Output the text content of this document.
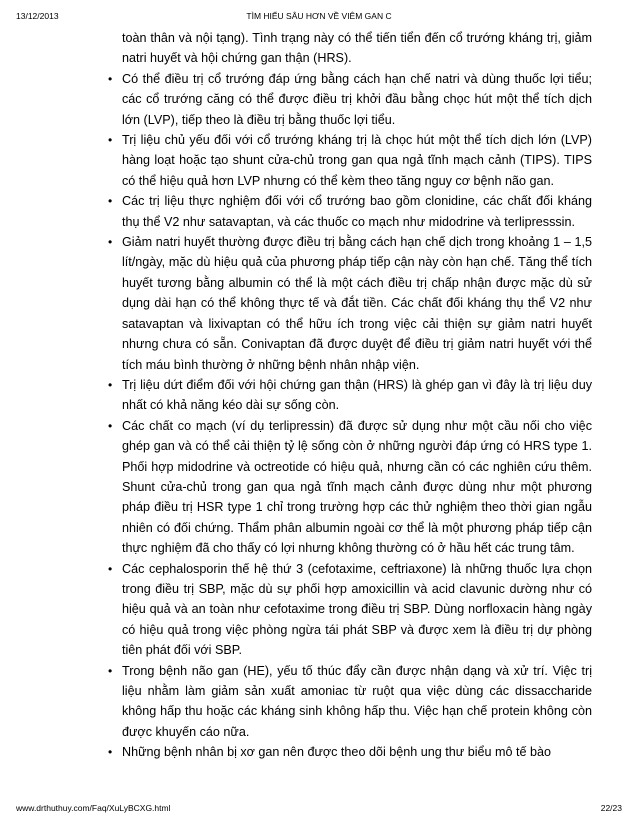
13/12/2013	TÌM HIỂU SÂU HƠN VỀ VIÊM GAN C

toàn thân và nội tạng). Tình trạng này có thể tiến tiển đến cổ trướng kháng trị, giảm natri huyết và hội chứng gan thận (HRS).

• Có thể điều trị cổ trướng đáp ứng bằng cách hạn chế natri và dùng thuốc lợi tiểu; các cổ trướng căng có thể được điều trị khởi đầu bằng chọc hút một thể tích dịch lớn (LVP), tiếp theo là điều trị bằng thuốc lợi tiểu.
• Trị liệu chủ yếu đối với cổ trướng kháng trị là chọc hút một thể tích dịch lớn (LVP) hàng loạt hoặc tạo shunt cửa-chủ trong gan qua ngả tĩnh mạch cảnh (TIPS). TIPS có thể hiệu quả hơn LVP nhưng có thể kèm theo tăng nguy cơ bệnh não gan.
• Các trị liệu thực nghiệm đối với cổ trướng bao gồm clonidine, các chất đối kháng thụ thể V2 như satavaptan, và các thuốc co mạch như midodrine và terlipresssin.
• Giảm natri huyết thường được điều trị bằng cách hạn chế dịch trong khoảng 1 – 1,5 lít/ngày, mặc dù hiệu quả của phương pháp tiếp cận này còn hạn chế. Tăng thể tích huyết tương bằng albumin có thể là một cách điều trị chấp nhận được mặc dù sử dụng dài hạn có thể không thực tế và đắt tiền. Các chất đối kháng thụ thể V2 như satavaptan và lixivaptan có thể hữu ích trong việc cải thiện sự giảm natri huyết nhưng chưa có sẵn. Conivaptan đã được duyệt để điều trị giảm natri huyết với thể tích máu bình thường ở những bệnh nhân nhập viện.
• Trị liệu dứt điểm đối với hội chứng gan thận (HRS) là ghép gan vì đây là trị liệu duy nhất có khả năng kéo dài sự sống còn.
• Các chất co mạch (ví dụ terlipressin) đã được sử dụng như một cầu nối cho việc ghép gan và có thể cải thiện tỷ lệ sống còn ở những người đáp ứng có HRS type 1. Phối hợp midodrine và octreotide có hiệu quả, nhưng cần có các nghiên cứu thêm. Shunt cửa-chủ trong gan qua ngả tĩnh mạch cảnh được dùng như một phương pháp điều trị HSR type 1 chỉ trong trường hợp các thử nghiệm theo thời gian ngẫu nhiên có đối chứng. Thẩm phân albumin ngoài cơ thể là một phương pháp tiếp cận thực nghiệm đã cho thấy có lợi nhưng không thường có ở hầu hết các trung tâm.
• Các cephalosporin thế hệ thứ 3 (cefotaxime, ceftriaxone) là những thuốc lựa chọn trong điều trị SBP, mặc dù sự phối hợp amoxicillin và acid clavunic dường như có hiệu quả và an toàn như cefotaxime trong điều trị SBP. Dùng norfloxacin hàng ngày có hiệu quả trong việc phòng ngừa tái phát SBP và được xem là điều trị dự phòng tiên phát đối với SBP.
• Trong bệnh não gan (HE), yếu tố thúc đẩy cần được nhận dạng và xử trí. Việc trị liệu nhằm làm giảm sản xuất amoniac từ ruột qua việc dùng các dissaccharide không hấp thu hoặc các kháng sinh không hấp thu. Việc hạn chế protein không còn được khuyến cáo nữa.
• Những bệnh nhân bị xơ gan nên được theo dõi bệnh ung thư biểu mô tế bào
www.drthuthuy.com/Faq/XuLyBCXG.html	22/23
